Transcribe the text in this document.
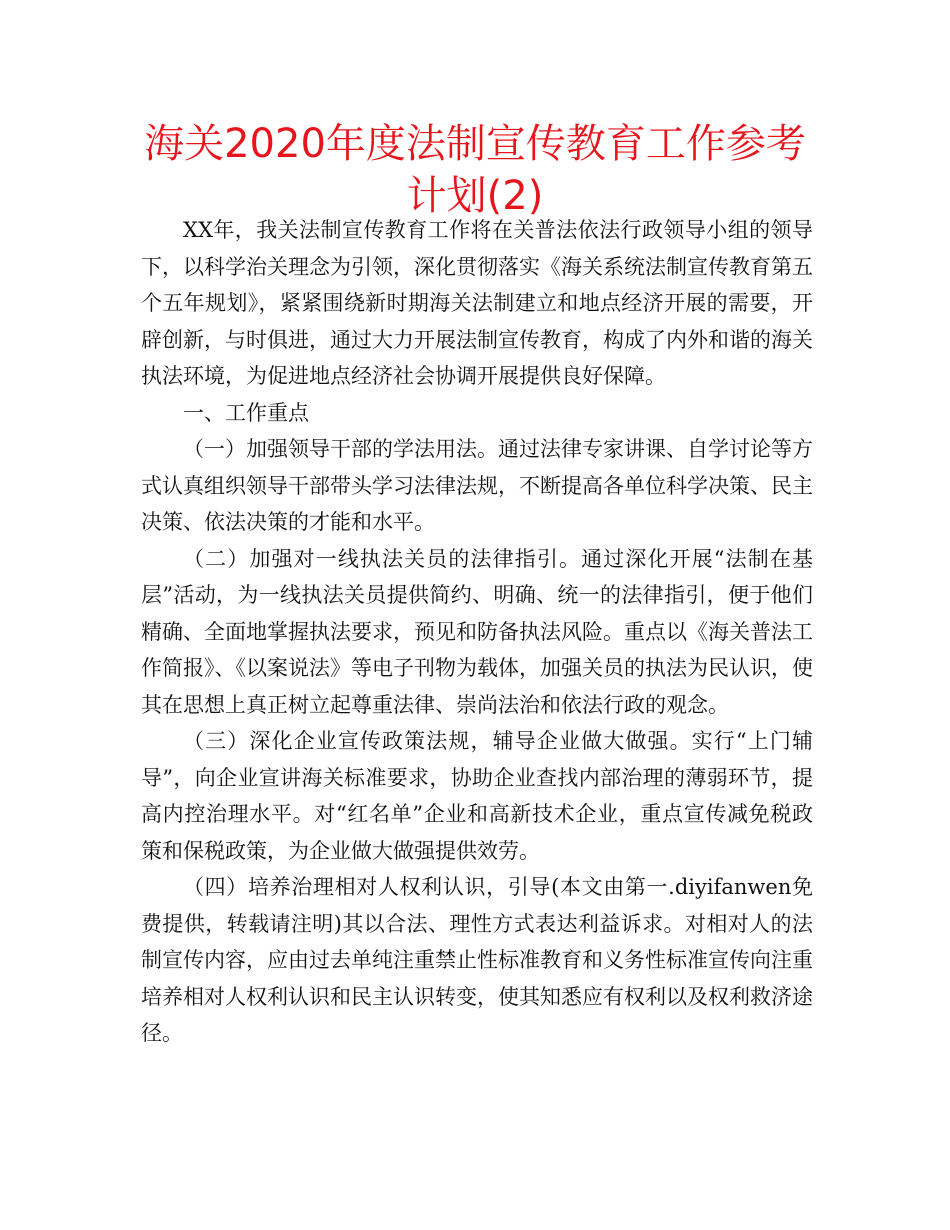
海关2020年度法制宣传教育工作参考计划(2)

XX年，我关法制宣传教育工作将在关普法依法行政领导小组的领导下，以科学治关理念为引领，深化贯彻落实《海关系统法制宣传教育第五个五年规划》，紧紧围绕新时期海关法制建立和地点经济开展的需要，开辟创新，与时俱进，通过大力开展法制宣传教育，构成了内外和谐的海关执法环境，为促进地点经济社会协调开展提供良好保障。

一、工作重点

（一）加强领导干部的学法用法。通过法律专家讲课、自学讨论等方式认真组织领导干部带头学习法律法规，不断提高各单位科学决策、民主决策、依法决策的才能和水平。

（二）加强对一线执法关员的法律指引。通过深化开展“法制在基层”活动，为一线执法关员提供简约、明确、统一的法律指引，便于他们精确、全面地掌握执法要求，预见和防备执法风险。重点以《海关普法工作简报》、《以案说法》等电子刊物为载体，加强关员的执法为民认识，使其在思想上真正树立起尊重法律、崇尚法治和依法行政的观念。

（三）深化企业宣传政策法规，辅导企业做大做强。实行“上门辅导”，向企业宣讲海关标准要求，协助企业查找内部治理的薄弱环节，提高内控治理水平。对“红名单”企业和高新技术企业，重点宣传减免税政策和保税政策，为企业做大做强提供效劳。

（四）培养治理相对人权利认识，引导(本文由第一.diyifanwen免费提供，转载请注明)其以合法、理性方式表达利益诉求。对相对人的法制宣传内容，应由过去单纯注重禁止性标准教育和义务性标准宣传向注重培养相对人权利认识和民主认识转变，使其知悉应有权利以及权利救济途径。
